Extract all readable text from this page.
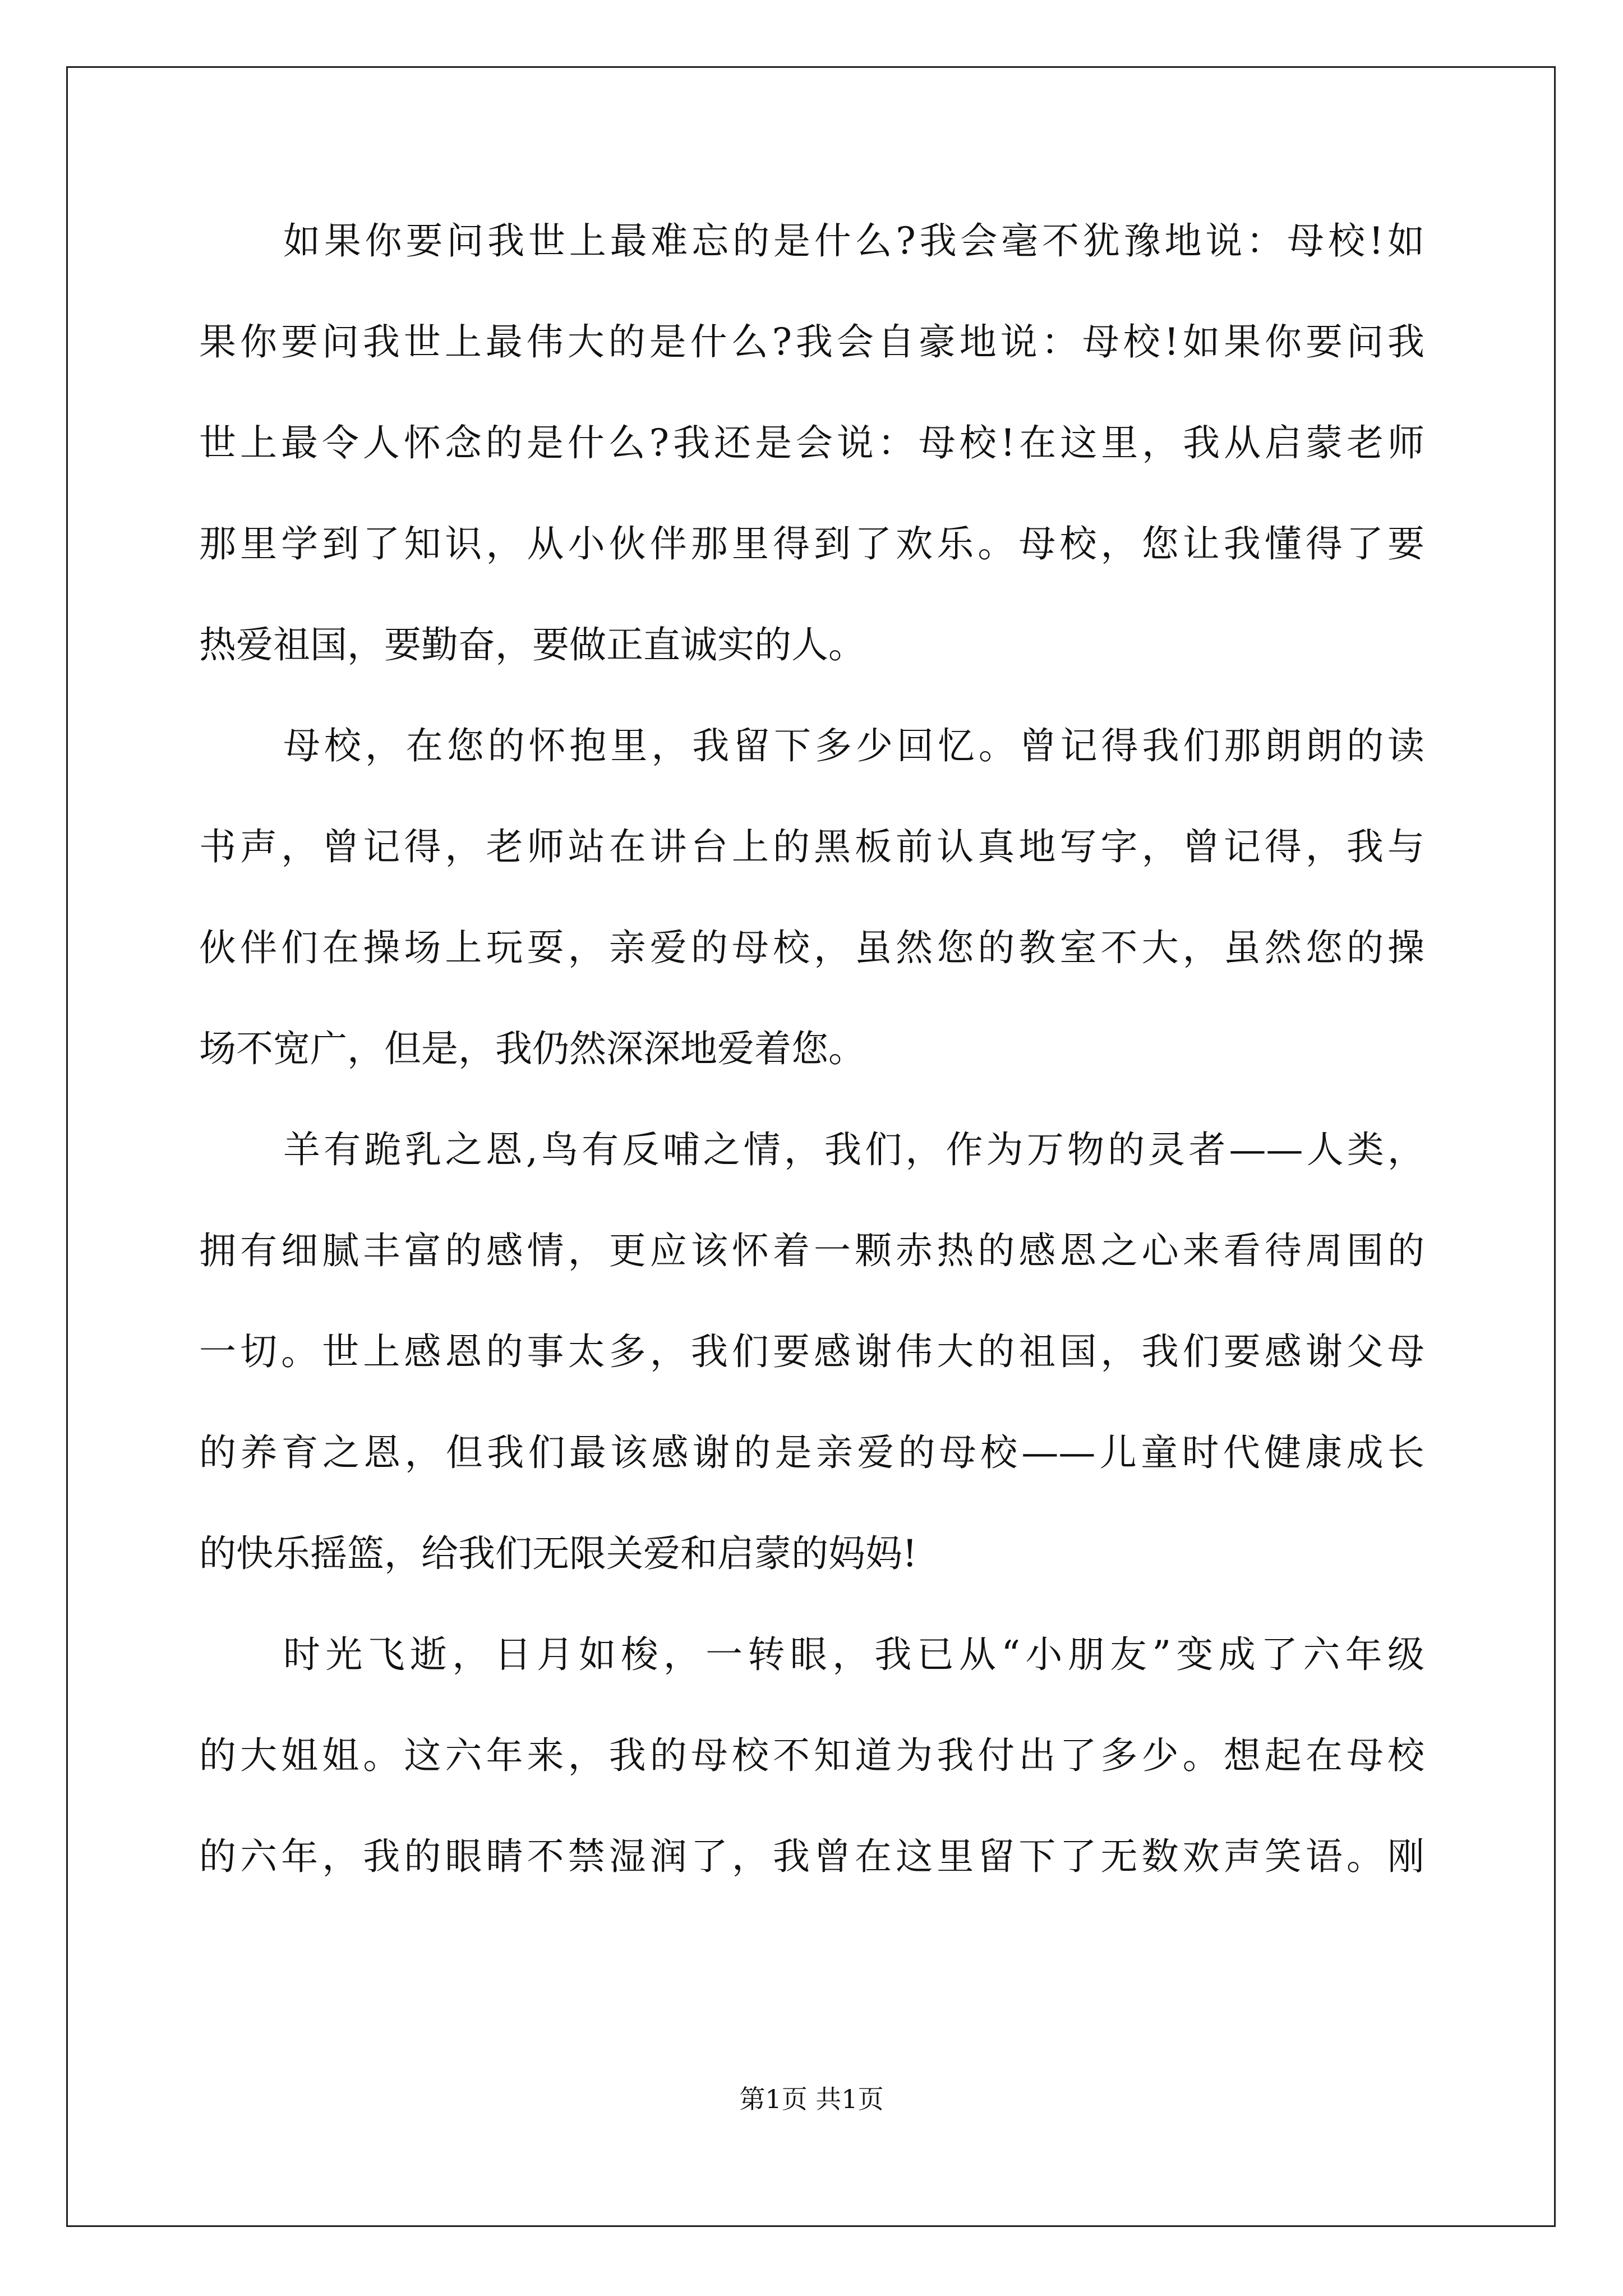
如果你要问我世上最难忘的是什么?我会毫不犹豫地说：母校!如
果你要问我世上最伟大的是什么?我会自豪地说：母校!如果你要问我
世上最令人怀念的是什么?我还是会说：母校!在这里，我从启蒙老师
那里学到了知识，从小伙伴那里得到了欢乐。母校，您让我懂得了要
热爱祖国，要勤奋，要做正直诚实的人。
母校，在您的怀抱里，我留下多少回忆。曾记得我们那朗朗的读
书声，曾记得，老师站在讲台上的黑板前认真地写字，曾记得，我与
伙伴们在操场上玩耍，亲爱的母校，虽然您的教室不大，虽然您的操
场不宽广，但是，我仍然深深地爱着您。
羊有跪乳之恩,鸟有反哺之情，我们，作为万物的灵者——人类，
拥有细腻丰富的感情，更应该怀着一颗赤热的感恩之心来看待周围的
一切。世上感恩的事太多，我们要感谢伟大的祖国，我们要感谢父母
的养育之恩，但我们最该感谢的是亲爱的母校——儿童时代健康成长
的快乐摇篮，给我们无限关爱和启蒙的妈妈!
时光飞逝，日月如梭，一转眼，我已从“小朋友”变成了六年级
的大姐姐。这六年来，我的母校不知道为我付出了多少。想起在母校
的六年，我的眼睛不禁湿润了，我曾在这里留下了无数欢声笑语。刚
第1页 共1页
